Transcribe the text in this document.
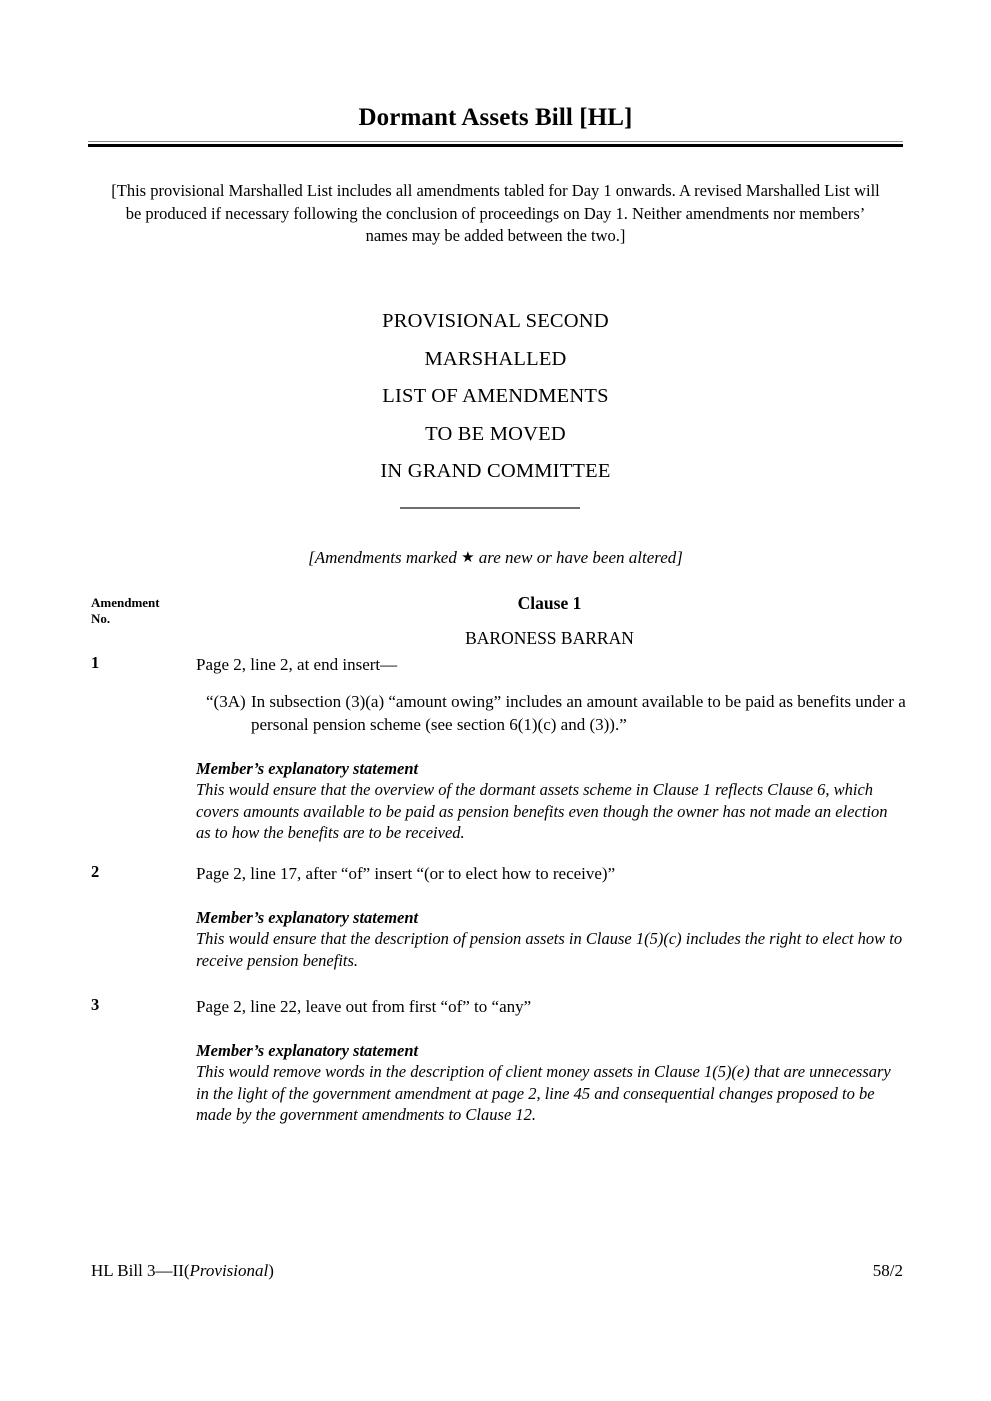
Dormant Assets Bill [HL]
[This provisional Marshalled List includes all amendments tabled for Day 1 onwards. A revised Marshalled List will be produced if necessary following the conclusion of proceedings on Day 1. Neither amendments nor members’ names may be added between the two.]
PROVISIONAL SECOND
MARSHALLED
LIST OF AMENDMENTS
TO BE MOVED
IN GRAND COMMITTEE
[Amendments marked ★ are new or have been altered]
Amendment
No.
Clause 1
BARONESS BARRAN
1	Page 2, line 2, at end insert—
“(3A) In subsection (3)(a) “amount owing” includes an amount available to be paid as benefits under a personal pension scheme (see section 6(1)(c) and (3)).”
Member’s explanatory statement
This would ensure that the overview of the dormant assets scheme in Clause 1 reflects Clause 6, which covers amounts available to be paid as pension benefits even though the owner has not made an election as to how the benefits are to be received.
2	Page 2, line 17, after “of” insert “(or to elect how to receive)”
Member’s explanatory statement
This would ensure that the description of pension assets in Clause 1(5)(c) includes the right to elect how to receive pension benefits.
3	Page 2, line 22, leave out from first “of” to “any”
Member’s explanatory statement
This would remove words in the description of client money assets in Clause 1(5)(e) that are unnecessary in the light of the government amendment at page 2, line 45 and consequential changes proposed to be made by the government amendments to Clause 12.
HL Bill 3—II(Provisional)	58/2
